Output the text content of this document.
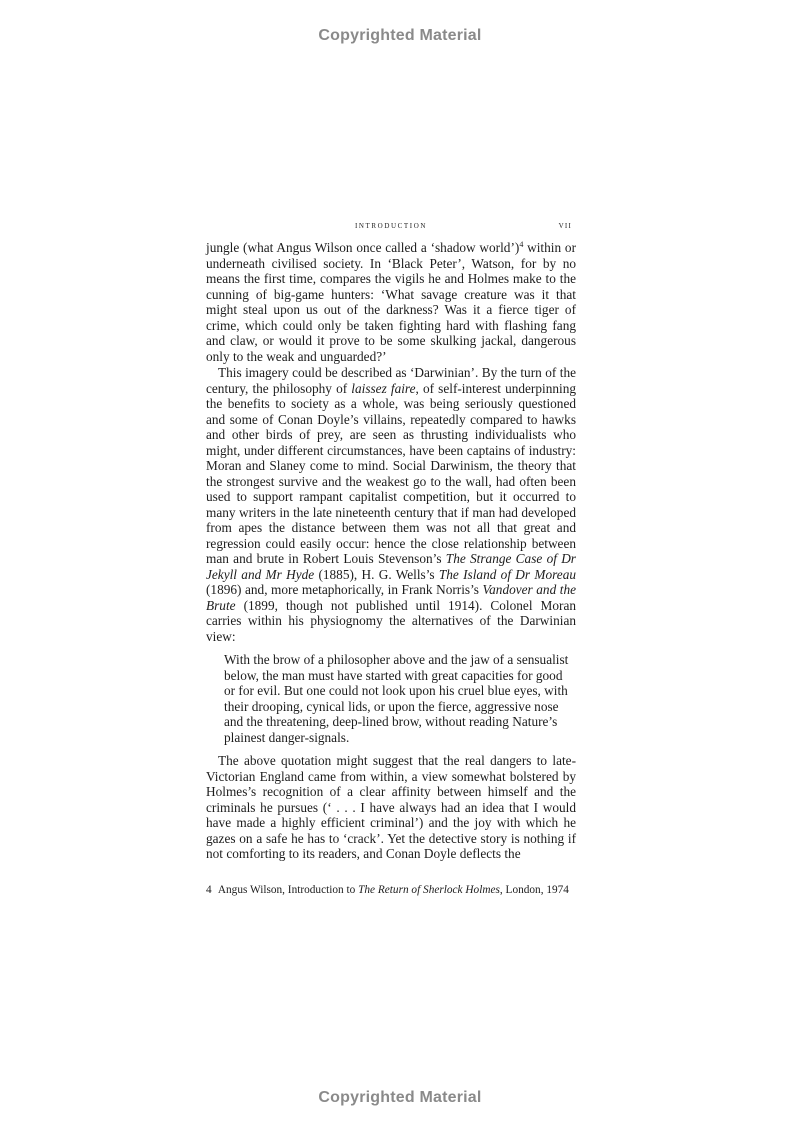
Copyrighted Material
introduction	vii

jungle (what Angus Wilson once called a ‘shadow world’)$^4$ within or underneath civilised society. In ‘Black Peter’, Watson, for by no means the first time, compares the vigils he and Holmes make to the cunning of big-game hunters: ‘What savage creature was it that might steal upon us out of the darkness? Was it a fierce tiger of crime, which could only be taken fighting hard with flashing fang and claw, or would it prove to be some skulking jackal, dangerous only to the weak and unguarded?’

This imagery could be described as ‘Darwinian’. By the turn of the century, the philosophy of laissez faire, of self-interest underpinning the benefits to society as a whole, was being seriously questioned and some of Conan Doyle’s villains, repeatedly compared to hawks and other birds of prey, are seen as thrusting individualists who might, under different circumstances, have been captains of industry: Moran and Slaney come to mind. Social Darwinism, the theory that the strongest survive and the weakest go to the wall, had often been used to support rampant capitalist competition, but it occurred to many writers in the late nineteenth century that if man had developed from apes the distance between them was not all that great and regression could easily occur: hence the close relationship between man and brute in Robert Louis Stevenson’s The Strange Case of Dr Jekyll and Mr Hyde (1885), H. G. Wells’s The Island of Dr Moreau (1896) and, more metaphorically, in Frank Norris’s Vandover and the Brute (1899, though not published until 1914). Colonel Moran carries within his physiognomy the alternatives of the Darwinian view:

With the brow of a philosopher above and the jaw of a sensualist below, the man must have started with great capacities for good or for evil. But one could not look upon his cruel blue eyes, with their drooping, cynical lids, or upon the fierce, aggressive nose and the threatening, deep-lined brow, without reading Nature’s plainest danger-signals.

The above quotation might suggest that the real dangers to late-Victorian England came from within, a view somewhat bolstered by Holmes’s recognition of a clear affinity between himself and the criminals he pursues (‘ . . . I have always had an idea that I would have made a highly efficient criminal’) and the joy with which he gazes on a safe he has to ‘crack’. Yet the detective story is nothing if not comforting to its readers, and Conan Doyle deflects the

4 Angus Wilson, Introduction to The Return of Sherlock Holmes, London, 1974
Copyrighted Material
